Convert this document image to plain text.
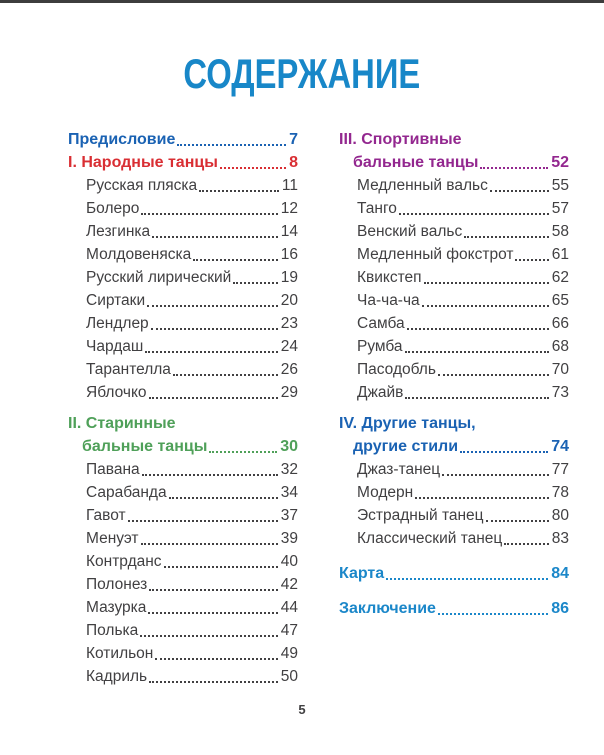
СОДЕРЖАНИЕ
Предисловие	7
I. Народные танцы	8
Русская пляска	11
Болеро	12
Лезгинка	14
Молдовеняска	16
Русский лирический	19
Сиртаки	20
Лендлер	23
Чардаш	24
Тарантелла	26
Яблочко	29
II. Старинные
бальные танцы	30
Павана	32
Сарабанда	34
Гавот	37
Менуэт	39
Контрданс	40
Полонез	42
Мазурка	44
Полька	47
Котильон	49
Кадриль	50
III. Спортивные
бальные танцы	52
Медленный вальс	55
Танго	57
Венский вальс	58
Медленный фокстрот 61
Квикстеп	62
Ча-ча-ча	65
Самба	66
Румба	68
Пасодобль	70
Джайв	73
IV. Другие танцы,
другие стили	74
Джаз-танец	77
Модерн	78
Эстрадный танец	80
Классический танец	83
Карта	84
Заключение	86
5
